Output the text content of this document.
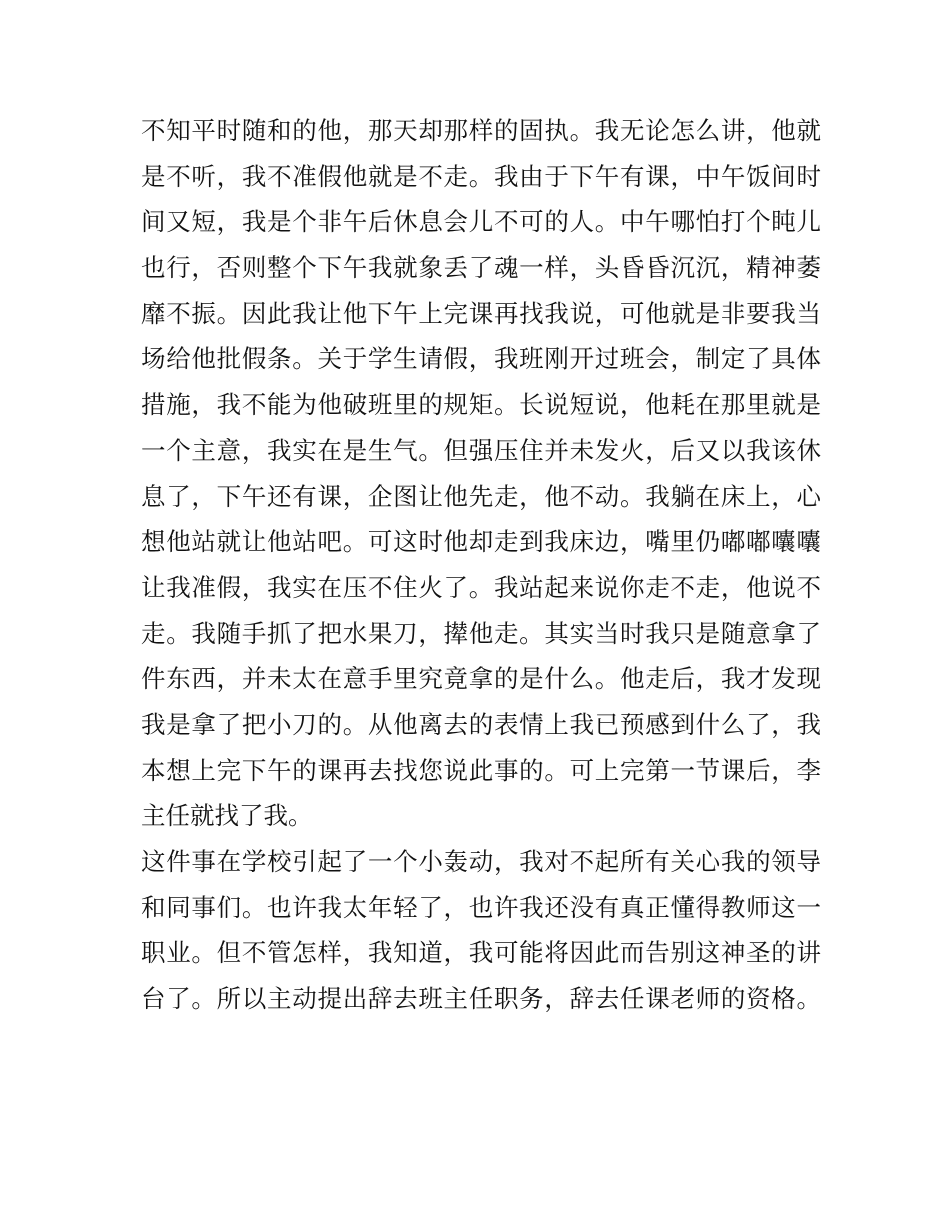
不知平时随和的他，那天却那样的固执。我无论怎么讲，他就
是不听，我不准假他就是不走。我由于下午有课，中午饭间时
间又短，我是个非午后休息会儿不可的人。中午哪怕打个盹儿
也行，否则整个下午我就象丢了魂一样，头昏昏沉沉，精神萎
靡不振。因此我让他下午上完课再找我说，可他就是非要我当
场给他批假条。关于学生请假，我班刚开过班会，制定了具体
措施，我不能为他破班里的规矩。长说短说，他耗在那里就是
一个主意，我实在是生气。但强压住并未发火，后又以我该休
息了，下午还有课，企图让他先走，他不动。我躺在床上，心
想他站就让他站吧。可这时他却走到我床边，嘴里仍嘟嘟囔囔
让我准假，我实在压不住火了。我站起来说你走不走，他说不
走。我随手抓了把水果刀，撵他走。其实当时我只是随意拿了
件东西，并未太在意手里究竟拿的是什么。他走后，我才发现
我是拿了把小刀的。从他离去的表情上我已预感到什么了，我
本想上完下午的课再去找您说此事的。可上完第一节课后，李
主任就找了我。
这件事在学校引起了一个小轰动，我对不起所有关心我的领导
和同事们。也许我太年轻了，也许我还没有真正懂得教师这一
职业。但不管怎样，我知道，我可能将因此而告别这神圣的讲
台了。所以主动提出辞去班主任职务，辞去任课老师的资格。
